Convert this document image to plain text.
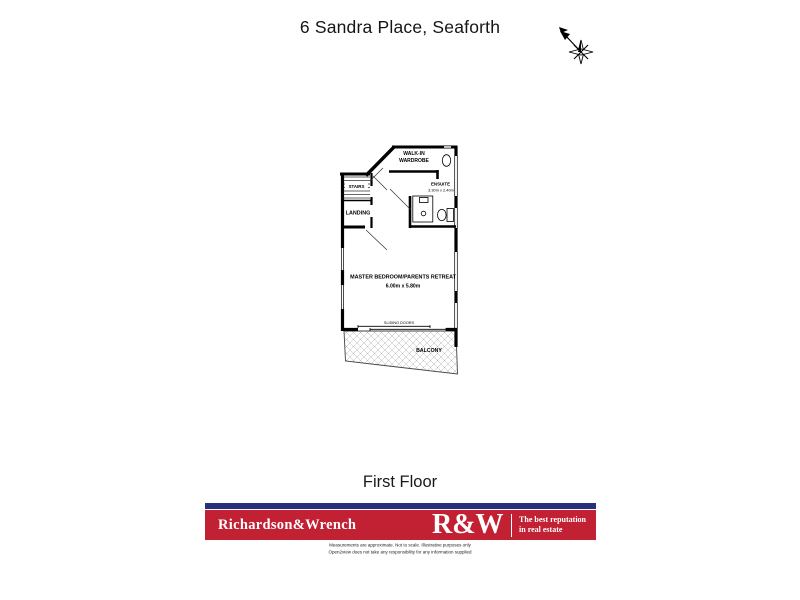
6 Sandra Place, Seaforth
STAIRS
WALK-IN
WARDROBE
LANDING
ENSUITE
3.30m x 2.40m
MASTER BEDROOM/PARENTS RETREAT
6.00m x 5.80m
SLIDING DOORS
BALCONY
First Floor
Richardson&Wrench	R&W The best reputation
in real estate
Measurements are approximate. Not to scale. Illustrative purposes only
Open2view does not take any responsibility for any information supplied
